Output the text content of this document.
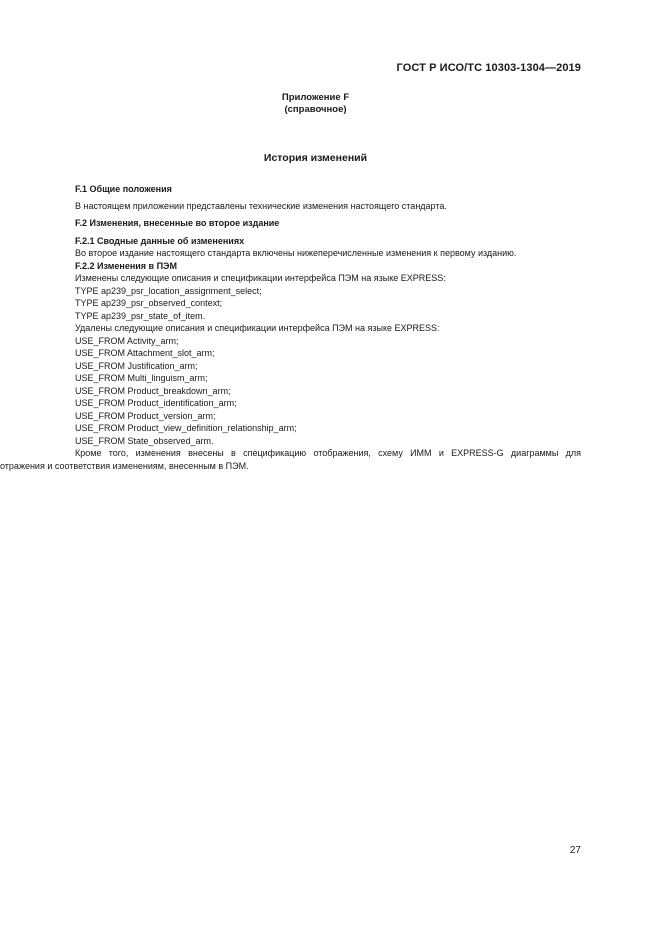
ГОСТ Р ИСО/ТС 10303-1304—2019
Приложение F
(справочное)
История изменений
F.1 Общие положения
В настоящем приложении представлены технические изменения настоящего стандарта.
F.2 Изменения, внесенные во второе издание
F.2.1 Сводные данные об изменениях
Во второе издание настоящего стандарта включены нижеперечисленные изменения к первому изданию.
F.2.2 Изменения в ПЭМ
Изменены следующие описания и спецификации интерфейса ПЭМ на языке EXPRESS:
TYPE ap239_psr_location_assignment_select;
TYPE ap239_psr_observed_context;
TYPE ap239_psr_state_of_item.
Удалены следующие описания и спецификации интерфейса ПЭМ на языке EXPRESS:
USE_FROM Activity_arm;
USE_FROM Attachment_slot_arm;
USE_FROM Justification_arm;
USE_FROM Multi_linguism_arm;
USE_FROM Product_breakdown_arm;
USE_FROM Product_identification_arm;
USE_FROM Product_version_arm;
USE_FROM Product_view_definition_relationship_arm;
USE_FROM State_observed_arm.
Кроме того, изменения внесены в спецификацию отображения, схему ИММ и EXPRESS-G диаграммы для
отражения и соответствия изменениям, внесенным в ПЭМ.
27
